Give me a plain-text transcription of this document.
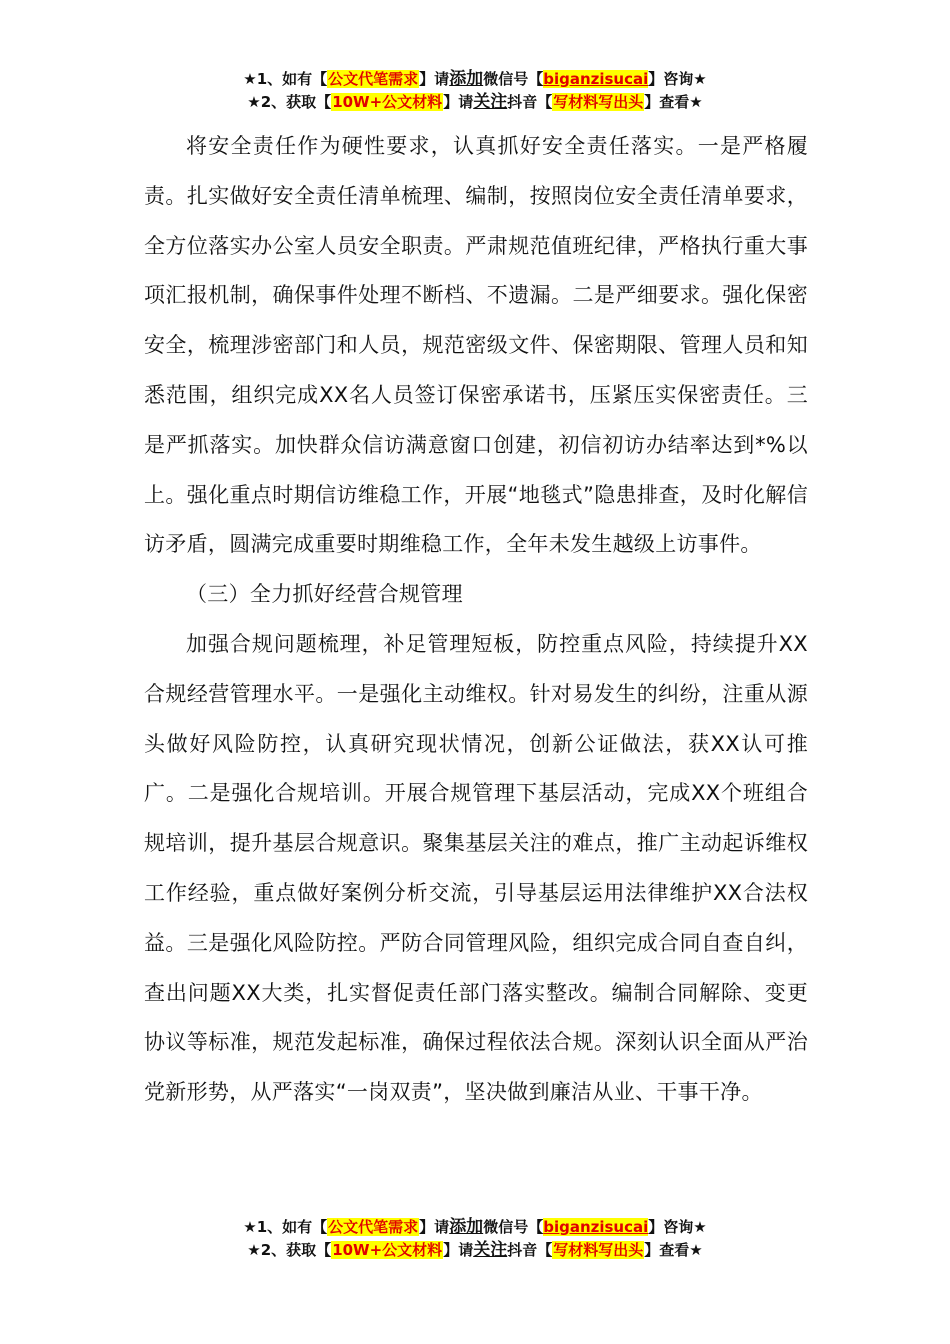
★1、如有【公文代笔需求】请添加微信号【biganzisucai】咨询★
★2、获取【10W+公文材料】请关注抖音【写材料写出头】查看★

将安全责任作为硬性要求，认真抓好安全责任落实。一是严格履责。扎实做好安全责任清单梳理、编制，按照岗位安全责任清单要求，全方位落实办公室人员安全职责。严肃规范值班纪律，严格执行重大事项汇报机制，确保事件处理不断档、不遗漏。二是严细要求。强化保密安全，梳理涉密部门和人员，规范密级文件、保密期限、管理人员和知悉范围，组织完成XX名人员签订保密承诺书，压紧压实保密责任。三是严抓落实。加快群众信访满意窗口创建，初信初访办结率达到*%以上。强化重点时期信访维稳工作，开展“地毯式”隐患排查，及时化解信访矛盾，圆满完成重要时期维稳工作，全年未发生越级上访事件。

（三）全力抓好经营合规管理

加强合规问题梳理，补足管理短板，防控重点风险，持续提升XX合规经营管理水平。一是强化主动维权。针对易发生的纠纷，注重从源头做好风险防控，认真研究现状情况，创新公证做法，获XX认可推广。二是强化合规培训。开展合规管理下基层活动，完成XX个班组合规培训，提升基层合规意识。聚集基层关注的难点，推广主动起诉维权工作经验，重点做好案例分析交流，引导基层运用法律维护XX合法权益。三是强化风险防控。严防合同管理风险，组织完成合同自查自纠，查出问题XX大类，扎实督促责任部门落实整改。编制合同解除、变更协议等标准，规范发起标准，确保过程依法合规。深刻认识全面从严治党新形势，从严落实“一岗双责”，坚决做到廉洁从业、干事干净。

★1、如有【公文代笔需求】请添加微信号【biganzisucai】咨询★
★2、获取【10W+公文材料】请关注抖音【写材料写出头】查看★
